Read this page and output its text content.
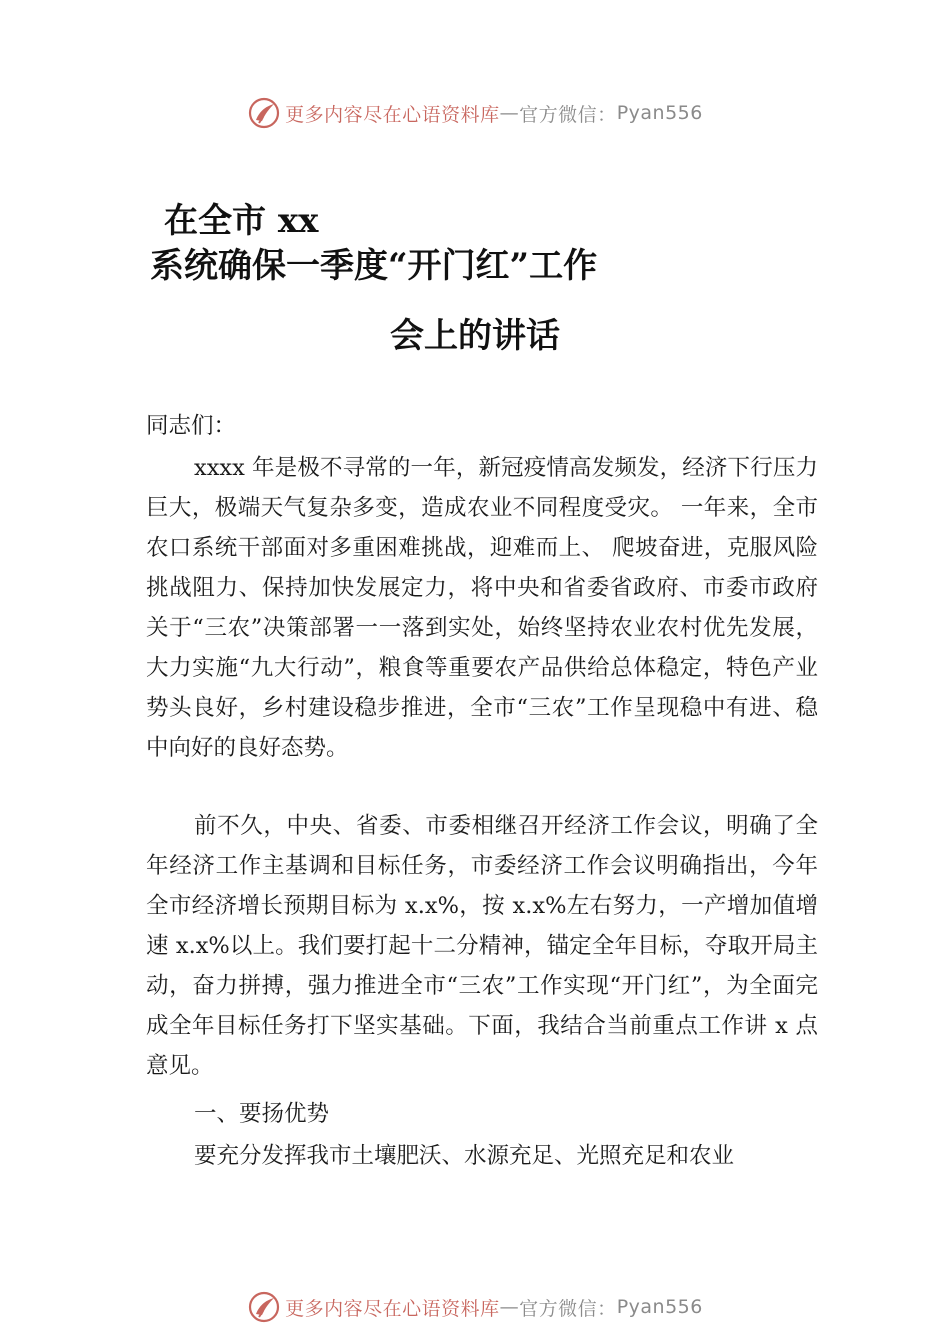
更多内容尽在心语资料库 — 官方微信： Pyan556
在全市 xx
系统确保一季度“开门红”工作
会上的讲话
同志们：

xxxx 年是极不寻常的一年，新冠疫情高发频发，经济下行压力巨大，极端天气复杂多变，造成农业不同程度受灾。 一年来，全市农口系统干部面对多重困难挑战，迎难而上、 爬坡奋进，克服风险挑战阻力、保持加快发展定力，将中央和省委省政府、市委市政府关于“三农”决策部署一一落到实处，始终坚持农业农村优先发展，大力实施“九大行动”，粮食等重要农产品供给总体稳定，特色产业势头良好，乡村建设稳步推进，全市“三农”工作呈现稳中有进、稳中向好的良好态势。

前不久，中央、省委、市委相继召开经济工作会议，明确了全年经济工作主基调和目标任务，市委经济工作会议明确指出，今年全市经济增长预期目标为 x.x%，按 x.x%左右努力，一产增加值增速 x.x%以上。我们要打起十二分精神，锚定全年目标，夺取开局主动，奋力拼搏，强力推进全市“三农”工作实现“开门红”，为全面完成全年目标任务打下坚实基础。下面，我结合当前重点工作讲 x 点意见。

一、要扬优势

要充分发挥我市土壤肥沃、水源充足、光照充足和农业

更多内容尽在心语资料库 — 官方微信： Pyan556
